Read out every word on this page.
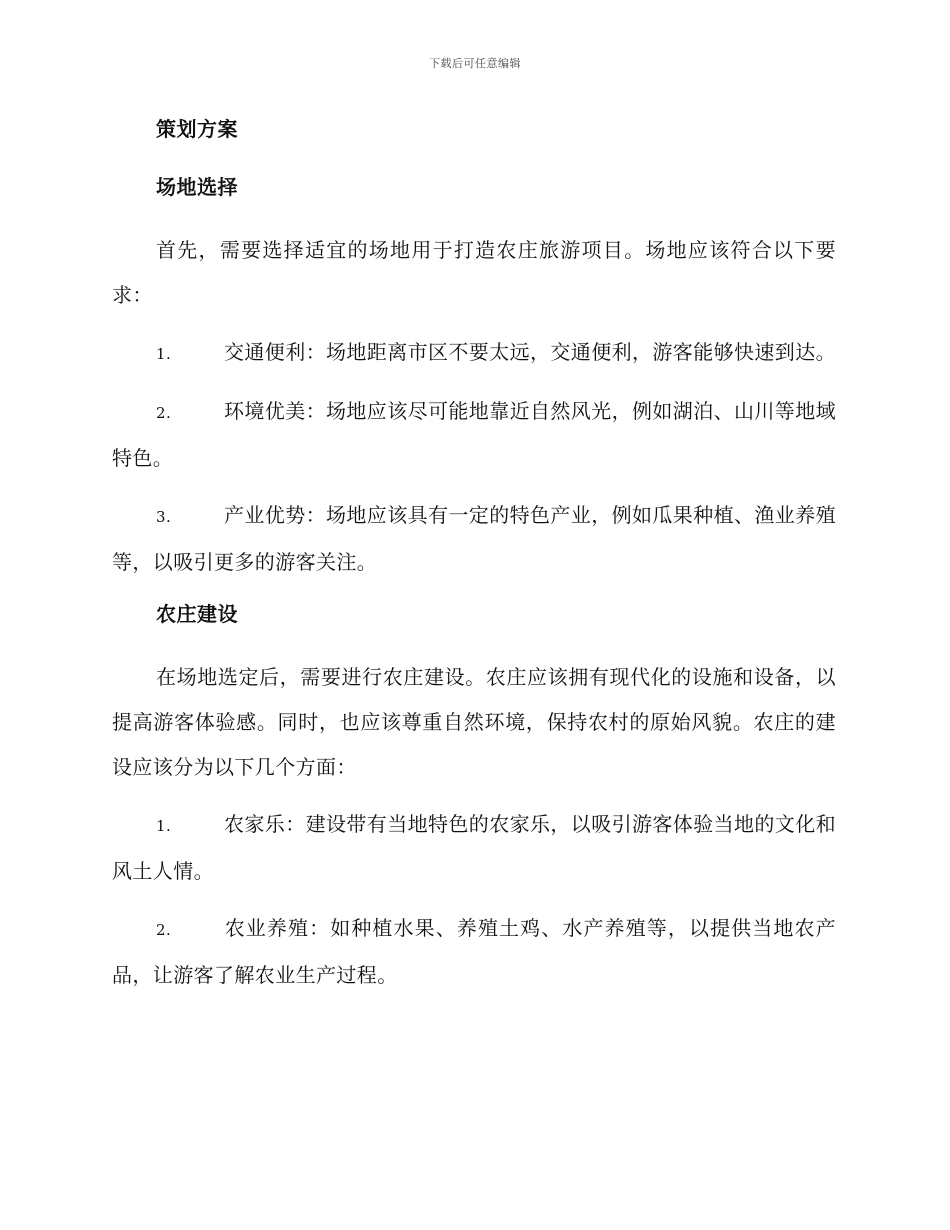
下载后可任意编辑
策划方案
场地选择
首先，需要选择适宜的场地用于打造农庄旅游项目。场地应该符合以下要求：
1.	交通便利：场地距离市区不要太远，交通便利，游客能够快速到达。
2.	环境优美：场地应该尽可能地靠近自然风光，例如湖泊、山川等地域特色。
3.	产业优势：场地应该具有一定的特色产业，例如瓜果种植、渔业养殖等，以吸引更多的游客关注。
农庄建设
在场地选定后，需要进行农庄建设。农庄应该拥有现代化的设施和设备，以提高游客体验感。同时，也应该尊重自然环境，保持农村的原始风貌。农庄的建设应该分为以下几个方面：
1.	农家乐：建设带有当地特色的农家乐，以吸引游客体验当地的文化和风土人情。
2.	农业养殖：如种植水果、养殖土鸡、水产养殖等，以提供当地农产品，让游客了解农业生产过程。
